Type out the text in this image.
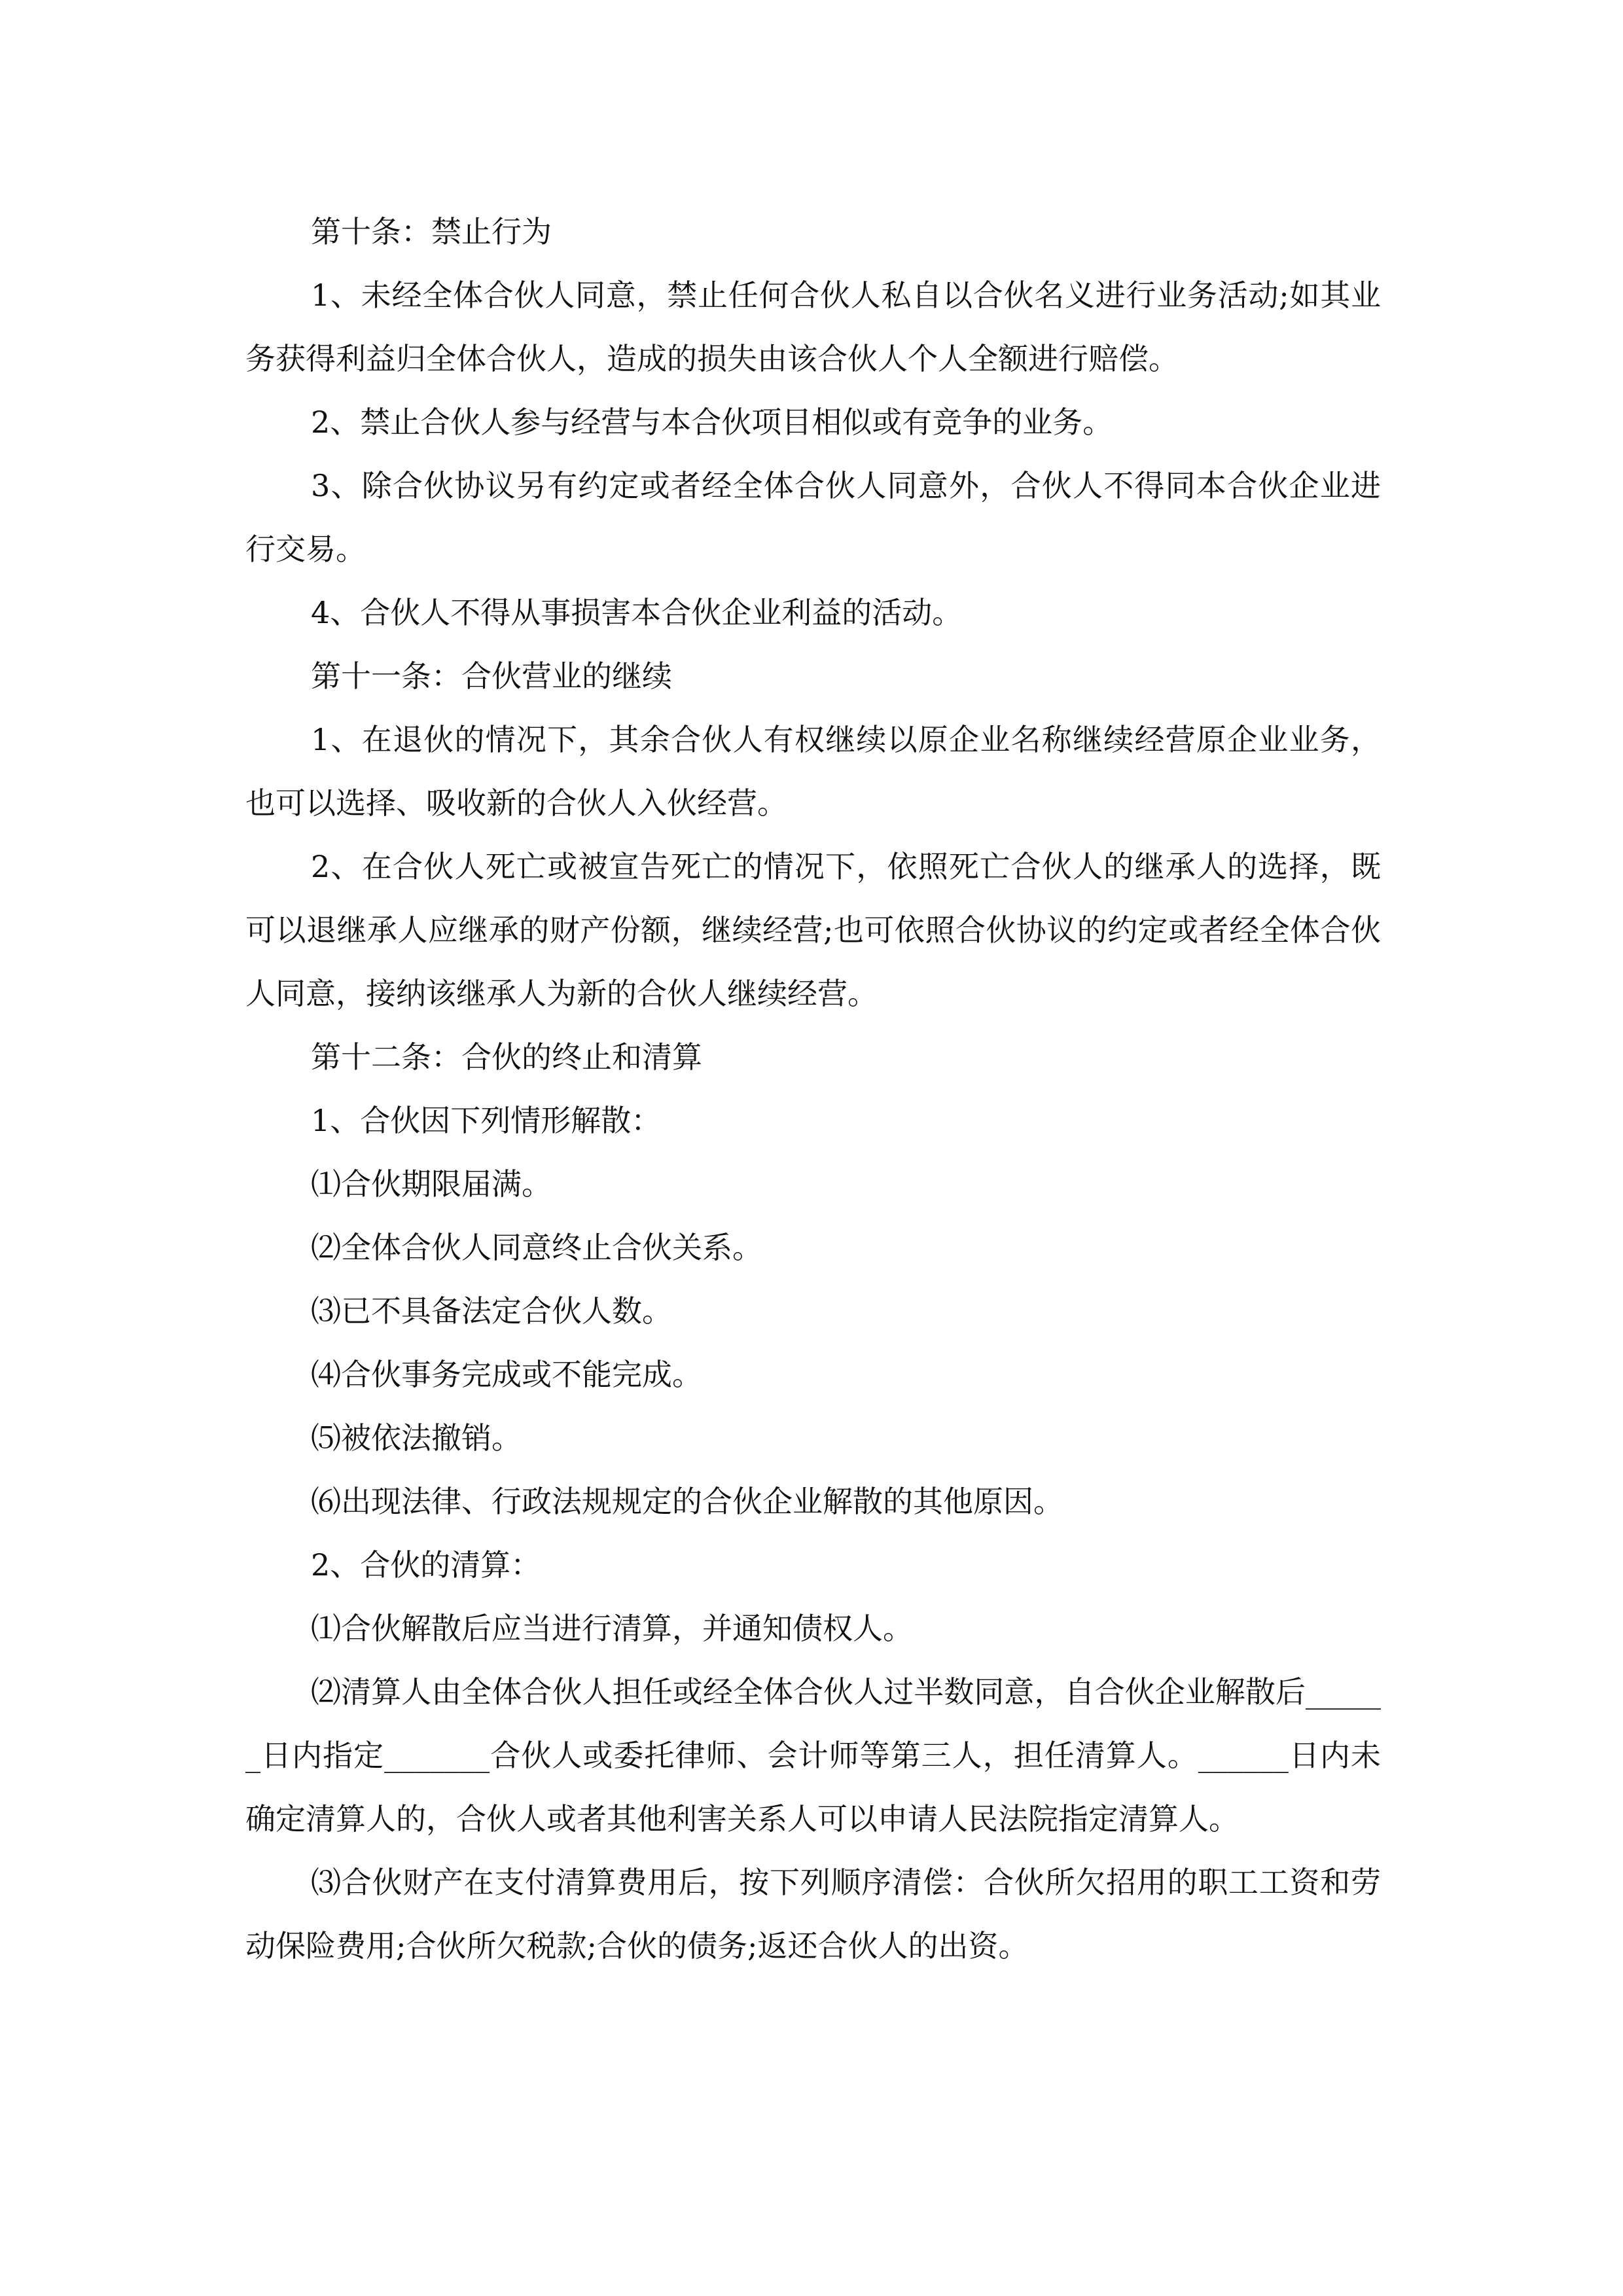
第十条：禁止行为

1、未经全体合伙人同意，禁止任何合伙人私自以合伙名义进行业务活动;如其业务获得利益归全体合伙人，造成的损失由该合伙人个人全额进行赔偿。

2、禁止合伙人参与经营与本合伙项目相似或有竞争的业务。

3、除合伙协议另有约定或者经全体合伙人同意外，合伙人不得同本合伙企业进行交易。

4、合伙人不得从事损害本合伙企业利益的活动。

第十一条：合伙营业的继续

1、在退伙的情况下，其余合伙人有权继续以原企业名称继续经营原企业业务，也可以选择、吸收新的合伙人入伙经营。

2、在合伙人死亡或被宣告死亡的情况下，依照死亡合伙人的继承人的选择，既可以退继承人应继承的财产份额，继续经营;也可依照合伙协议的约定或者经全体合伙人同意，接纳该继承人为新的合伙人继续经营。

第十二条：合伙的终止和清算

1、合伙因下列情形解散：

⑴合伙期限届满。

⑵全体合伙人同意终止合伙关系。

⑶已不具备法定合伙人数。

⑷合伙事务完成或不能完成。

⑸被依法撤销。

⑹出现法律、行政法规规定的合伙企业解散的其他原因。

2、合伙的清算：

⑴合伙解散后应当进行清算，并通知债权人。

⑵清算人由全体合伙人担任或经全体合伙人过半数同意，自合伙企业解散后______日内指定_______合伙人或委托律师、会计师等第三人，担任清算人。______日内未确定清算人的，合伙人或者其他利害关系人可以申请人民法院指定清算人。

⑶合伙财产在支付清算费用后，按下列顺序清偿：合伙所欠招用的职工工资和劳动保险费用;合伙所欠税款;合伙的债务;返还合伙人的出资。
